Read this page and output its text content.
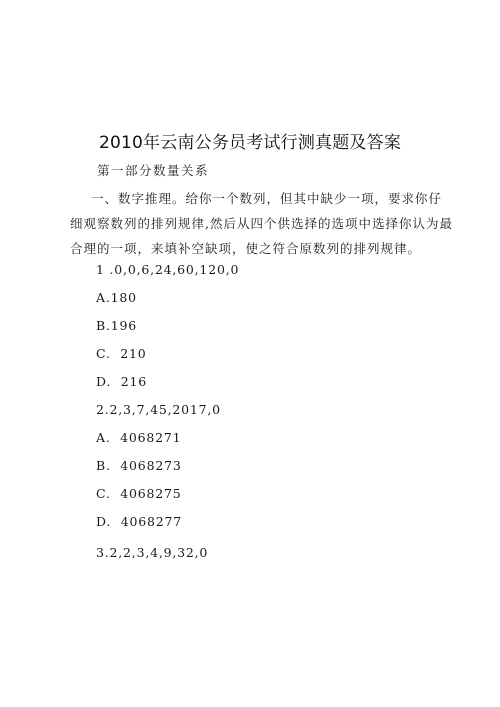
2010年云南公务员考试行测真题及答案
第一部分数量关系
一、数字推理。给你一个数列，但其中缺少一项，要求你仔
细观察数列的排列规律,然后从四个供选择的选项中选择你认为最
合理的一项，来填补空缺项，使之符合原数列的排列规律。
1 .0,0,6,24,60,120,0
A.180
B.196
C.  210
D.  216
2.2,3,7,45,2017,0
A.  4068271
B.  4068273
C.  4068275
D.  4068277
3.2,2,3,4,9,32,0
